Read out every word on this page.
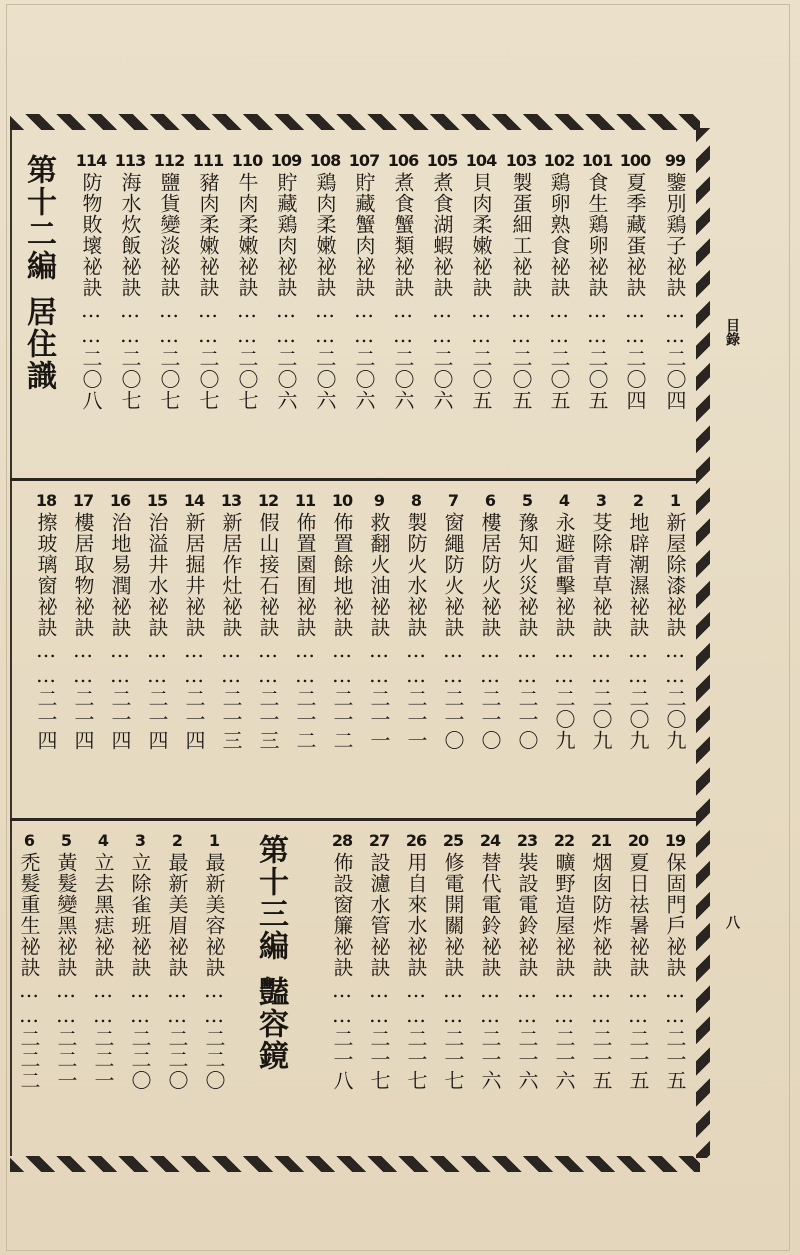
目錄
八
99
鑒別鶏子祕訣……二〇四
100
夏季藏蛋祕訣……二〇四
101
食生鶏卵祕訣……二〇五
102
鶏卵熟食祕訣……二〇五
103
製蛋細工祕訣……二〇五
104
貝肉柔嫩祕訣……二〇五
105
煮食湖蝦祕訣……二〇六
106
煮食蟹類祕訣……二〇六
107
貯藏蟹肉祕訣……二〇六
108
鶏肉柔嫩祕訣……二〇六
109
貯藏鶏肉祕訣……二〇六
110
牛肉柔嫩祕訣……二〇七
111
豬肉柔嫩祕訣……二〇七
112
鹽貨變淡祕訣……二〇七
113
海水炊飯祕訣……二〇七
114
防物敗壞祕訣……二〇八
第十二編
居住識
1
新屋除漆祕訣……二〇九
2
地辟潮濕祕訣……二〇九
3
芟除青草祕訣……二〇九
4
永避雷擊祕訣……二〇九
5
豫知火災祕訣……二一〇
6
樓居防火祕訣……二一〇
7
窗繩防火祕訣……二一〇
8
製防火水祕訣……二一一
9
救翻火油祕訣……二一一
10
佈置餘地祕訣……二一二
11
佈置園囿祕訣……二一二
12
假山接石祕訣……二一三
13
新居作灶祕訣……二一三
14
新居掘井祕訣……二一四
15
治溢井水祕訣……二一四
16
治地易潤祕訣……二一四
17
樓居取物祕訣……二一四
18
擦玻璃窗祕訣……二一四
19
保固門戶祕訣……二一五
20
夏日祛暑祕訣……二一五
21
烟囱防炸祕訣……二一五
22
曠野造屋祕訣……二一六
23
裝設電鈴祕訣……二一六
24
替代電鈴祕訣……二一六
25
修電開關祕訣……二一七
26
用自來水祕訣……二一七
27
設濾水管祕訣……二一七
28
佈設窗簾祕訣……二一八
第十三編
豔容鏡
1
最新美容祕訣……二二〇
2
最新美眉祕訣……二二〇
3
立除雀班祕訣……二二〇
4
立去黑痣祕訣……二二一
5
黃髮變黑祕訣……二二一
6
禿髮重生祕訣……二二二
